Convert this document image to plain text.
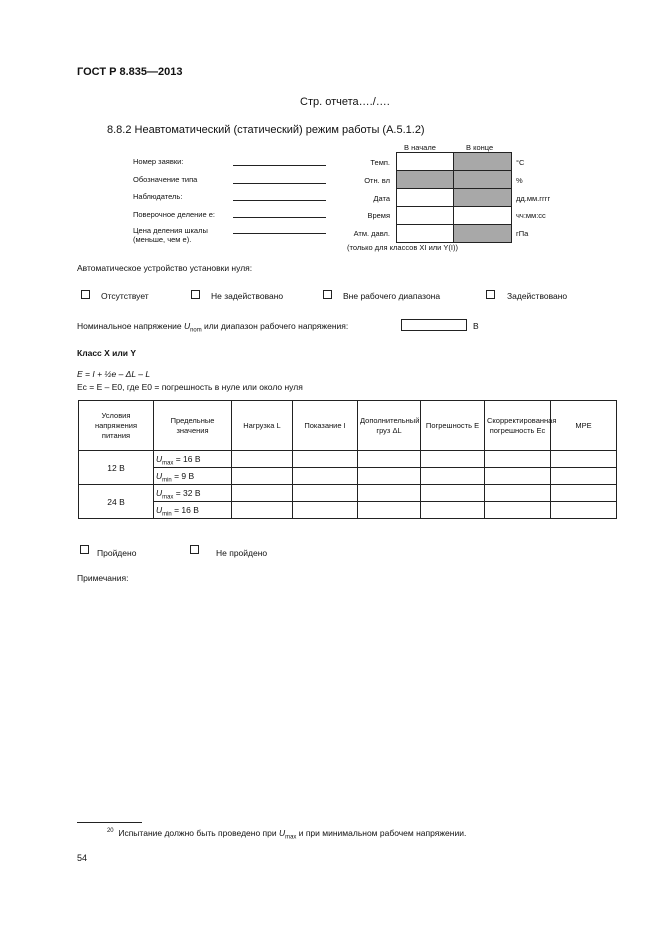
ГОСТ Р 8.835—2013
Стр. отчета…./….
8.8.2 Неавтоматический (статический) режим работы (А.5.1.2)
В начале	В конце
Номер заявки:
Обозначение типа
Наблюдатель:
Поверочное деление e:
Цена деления шкалы
(меньше, чем e).
Темп.	°C
Отн. вл	%
Дата	дд.мм.гггг
Время	чч:мм:сс
Атм. давл.	гПа
(только для классов XI или Y(I))
Автоматическое устройство установки нуля:
Отсутствует	Не задействовано	Вне рабочего диапазона	Задействовано
Номинальное напряжение $U_{nom}$ или диапазон рабочего напряжения:	В
Класс X или Y
E = I + ½e – ΔL – L
Ec = E – E0, где E0 = погрешность в нуле или около нуля
Условия напряжения питания	Предельные значения	Нагрузка L	Показание I	Дополнительный груз ΔL	Погрешность E	Скорректированная погрешность Ec	MPE
12 В	$U_{max} = 16$ В						
	$U_{min} = 9$ В						
24 В	$U_{max} = 32$ В						
	$U_{min} = 16$ В						
Пройдено	Не пройдено
Примечания:
$^{20}$ Испытание должно быть проведено при $U_{max}$ и при минимальном рабочем напряжении.
54
